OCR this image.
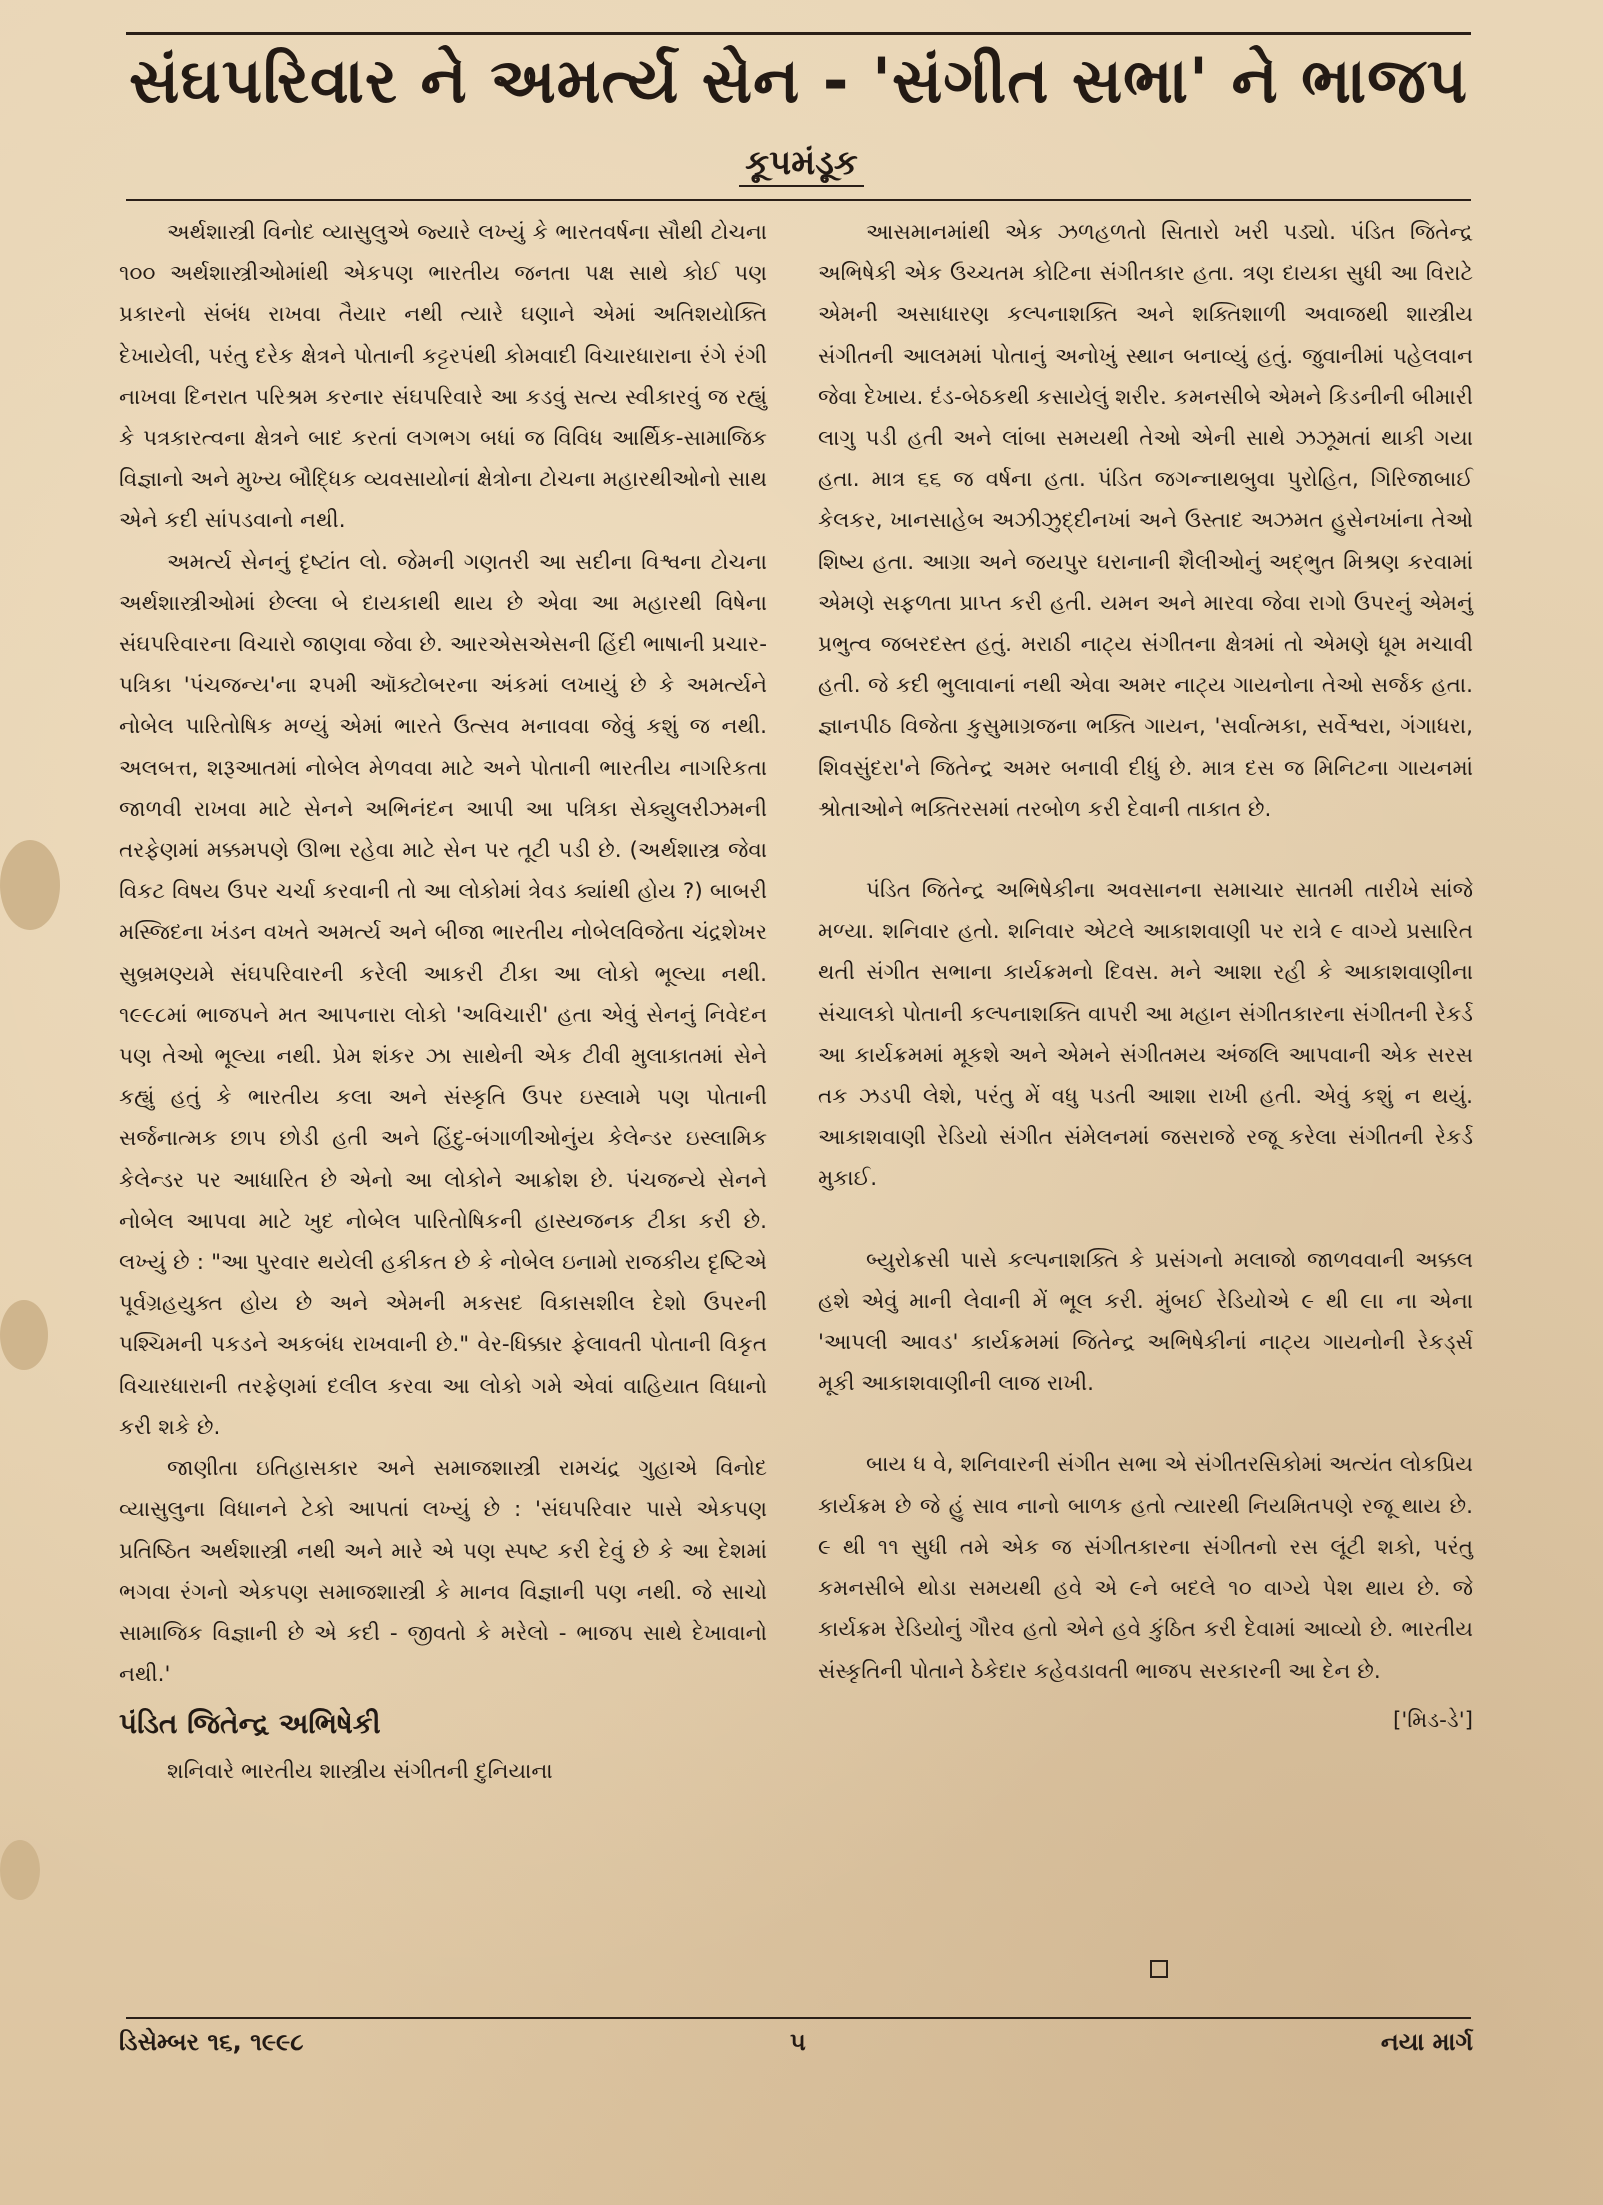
સંઘપરિવાર ને અમર્ત્ય સેન - 'સંગીત સભા' ને ભાજપ
કૂપમંડૂક

અર્થશાસ્ત્રી વિનોદ વ્યાસુલુએ જ્યારે લખ્યું કે ભારતવર્ષના સૌથી ટોચના ૧૦૦ અર્થશાસ્ત્રીઓમાંથી એકપણ ભારતીય જનતા પક્ષ સાથે કોઈ પણ પ્રકારનો સંબંધ રાખવા તૈયાર નથી ત્યારે ઘણાને એમાં અતિશયોક્તિ દેખાયેલી, પરંતુ દરેક ક્ષેત્રને પોતાની કટ્ટરપંથી કોમવાદી વિચારધારાના રંગે રંગી નાખવા દિનરાત પરિશ્રમ કરનાર સંઘપરિવારે આ કડવું સત્ય સ્વીકારવું જ રહ્યું કે પત્રકારત્વના ક્ષેત્રને બાદ કરતાં લગભગ બધાં જ વિવિધ આર્થિક-સામાજિક વિજ્ઞાનો અને મુખ્ય બૌદ્ધિક વ્યવસાયોનાં ક્ષેત્રોના ટોચના મહારથીઓનો સાથ એને કદી સાંપડવાનો નથી.

અમર્ત્ય સેનનું દૃષ્ટાંત લો. જેમની ગણતરી આ સદીના વિશ્વના ટોચના અર્થશાસ્ત્રીઓમાં છેલ્લા બે દાયકાથી થાય છે એવા આ મહારથી વિષેના સંઘપરિવારના વિચારો જાણવા જેવા છે. આરએસએસની હિંદી ભાષાની પ્રચાર-પત્રિકા 'પંચજન્ય'ના ૨૫મી ઑક્ટોબરના અંકમાં લખાયું છે કે અમર્ત્યને નોબેલ પારિતોષિક મળ્યું એમાં ભારતે ઉત્સવ મનાવવા જેવું કશું જ નથી. અલબત્ત, શરૂઆતમાં નોબેલ મેળવવા માટે અને પોતાની ભારતીય નાગરિકતા જાળવી રાખવા માટે સેનને અભિનંદન આપી આ પત્રિકા સેક્યુલરીઝમની તરફેણમાં મક્કમપણે ઊભા રહેવા માટે સેન પર તૂટી પડી છે. (અર્થશાસ્ત્ર જેવા વિકટ વિષય ઉપર ચર્ચા કરવાની તો આ લોકોમાં ત્રેવડ ક્યાંથી હોય ?) બાબરી મસ્જિદના ખંડન વખતે અમર્ત્ય અને બીજા ભારતીય નોબેલવિજેતા ચંદ્રશેખર સુબ્રમણ્યમે સંઘપરિવારની કરેલી આકરી ટીકા આ લોકો ભૂલ્યા નથી. ૧૯૯૮માં ભાજપને મત આપનારા લોકો 'અવિચારી' હતા એવું સેનનું નિવેદન પણ તેઓ ભૂલ્યા નથી. પ્રેમ શંકર ઝા સાથેની એક ટીવી મુલાકાતમાં સેને કહ્યું હતું કે ભારતીય કલા અને સંસ્કૃતિ ઉપર ઇસ્લામે પણ પોતાની સર્જનાત્મક છાપ છોડી હતી અને હિંદુ-બંગાળીઓનુંય કેલેન્ડર ઇસ્લામિક કેલેન્ડર પર આધારિત છે એનો આ લોકોને આક્રોશ છે. પંચજન્યે સેનને નોબેલ આપવા માટે ખુદ નોબેલ પારિતોષિકની હાસ્યજનક ટીકા કરી છે. લખ્યું છે : "આ પુરવાર થયેલી હકીકત છે કે નોબેલ ઇનામો રાજકીય દૃષ્ટિએ પૂર્વગ્રહયુક્ત હોય છે અને એમની મકસદ વિકાસશીલ દેશો ઉપરની પશ્ચિમની પકડને અકબંધ રાખવાની છે." વેર-ધિક્કાર ફેલાવતી પોતાની વિકૃત વિચારધારાની તરફેણમાં દલીલ કરવા આ લોકો ગમે એવાં વાહિયાત વિધાનો કરી શકે છે.

જાણીતા ઇતિહાસકાર અને સમાજશાસ્ત્રી રામચંદ્ર ગુહાએ વિનોદ વ્યાસુલુના વિધાનને ટેકો આપતાં લખ્યું છે : 'સંઘપરિવાર પાસે એકપણ પ્રતિષ્ઠિત અર્થશાસ્ત્રી નથી અને મારે એ પણ સ્પષ્ટ કરી દેવું છે કે આ દેશમાં ભગવા રંગનો એકપણ સમાજશાસ્ત્રી કે માનવ વિજ્ઞાની પણ નથી. જે સાચો સામાજિક વિજ્ઞાની છે એ કદી - જીવતો કે મરેલો - ભાજપ સાથે દેખાવાનો નથી.'

પંડિત જિતેન્દ્ર અભિષેકી

શનિવારે ભારતીય શાસ્ત્રીય સંગીતની દુનિયાના

આસમાનમાંથી એક ઝળહળતો સિતારો ખરી પડ્યો. પંડિત જિતેન્દ્ર અભિષેકી એક ઉચ્ચતમ કોટિના સંગીતકાર હતા. ત્રણ દાયકા સુધી આ વિરાટે એમની અસાધારણ કલ્પનાશક્તિ અને શક્તિશાળી અવાજથી શાસ્ત્રીય સંગીતની આલમમાં પોતાનું અનોખું સ્થાન બનાવ્યું હતું. જુવાનીમાં પહેલવાન જેવા દેખાય. દંડ-બેઠકથી કસાયેલું શરીર. કમનસીબે એમને કિડનીની બીમારી લાગુ પડી હતી અને લાંબા સમયથી તેઓ એની સાથે ઝઝૂમતાં થાકી ગયા હતા. માત્ર ૬૬ જ વર્ષના હતા. પંડિત જગન્નાથબુવા પુરોહિત, ગિરિજાબાઈ કેલકર, ખાનસાહેબ અઝીઝુદ્દીનખાં અને ઉસ્તાદ અઝમત હુસેનખાંના તેઓ શિષ્ય હતા. આગ્રા અને જયપુર ઘરાનાની શૈલીઓનું અદ્ભુત મિશ્રણ કરવામાં એમણે સફળતા પ્રાપ્ત કરી હતી. યમન અને મારવા જેવા રાગો ઉપરનું એમનું પ્રભુત્વ જબરદસ્ત હતું. મરાઠી નાટ્ય સંગીતના ક્ષેત્રમાં તો એમણે ધૂમ મચાવી હતી. જે કદી ભુલાવાનાં નથી એવા અમર નાટ્ય ગાયનોના તેઓ સર્જક હતા. જ્ઞાનપીઠ વિજેતા કુસુમાગ્રજના ભક્તિ ગાયન, 'સર્વાત્મકા, સર્વેશ્વરા, ગંગાધરા, શિવસુંદરા'ને જિતેન્દ્ર અમર બનાવી દીધું છે. માત્ર દસ જ મિનિટના ગાયનમાં શ્રોતાઓને ભક્તિરસમાં તરબોળ કરી દેવાની તાકાત છે.

પંડિત જિતેન્દ્ર અભિષેકીના અવસાનના સમાચાર સાતમી તારીખે સાંજે મળ્યા. શનિવાર હતો. શનિવાર એટલે આકાશવાણી પર રાત્રે ૯ વાગ્યે પ્રસારિત થતી સંગીત સભાના કાર્યક્રમનો દિવસ. મને આશા રહી કે આકાશવાણીના સંચાલકો પોતાની કલ્પનાશક્તિ વાપરી આ મહાન સંગીતકારના સંગીતની રેકર્ડ આ કાર્યક્રમમાં મૂકશે અને એમને સંગીતમય અંજલિ આપવાની એક સરસ તક ઝડપી લેશે, પરંતુ મેં વધુ પડતી આશા રાખી હતી. એવું કશું ન થયું. આકાશવાણી રેડિયો સંગીત સંમેલનમાં જસરાજે રજૂ કરેલા સંગીતની રેકર્ડ મુકાઈ.

બ્યુરોક્રસી પાસે કલ્પનાશક્તિ કે પ્રસંગનો મલાજો જાળવવાની અક્કલ હશે એવું માની લેવાની મેં ભૂલ કરી. મુંબઈ રેડિયોએ ૯ થી ૯।। ના એના 'આપલી આવડ' કાર્યક્રમમાં જિતેન્દ્ર અભિષેકીનાં નાટ્ય ગાયનોની રેકર્ડ્સ મૂકી આકાશવાણીની લાજ રાખી.

બાય ધ વે, શનિવારની સંગીત સભા એ સંગીતરસિકોમાં અત્યંત લોકપ્રિય કાર્યક્રમ છે જે હું સાવ નાનો બાળક હતો ત્યારથી નિયમિતપણે રજૂ થાય છે. ૯ થી ૧૧ સુધી તમે એક જ સંગીતકારના સંગીતનો રસ લૂંટી શકો, પરંતુ કમનસીબે થોડા સમયથી હવે એ ૯ને બદલે ૧૦ વાગ્યે પેશ થાય છે. જે કાર્યક્રમ રેડિયોનું ગૌરવ હતો એને હવે કુંઠિત કરી દેવામાં આવ્યો છે. ભારતીય સંસ્કૃતિની પોતાને ઠેકેદાર કહેવડાવતી ભાજપ સરકારની આ દેન છે.

['મિડ-ડે']
ડિસેમ્બર ૧૬, ૧૯૯૮	૫	નયા માર્ગ
